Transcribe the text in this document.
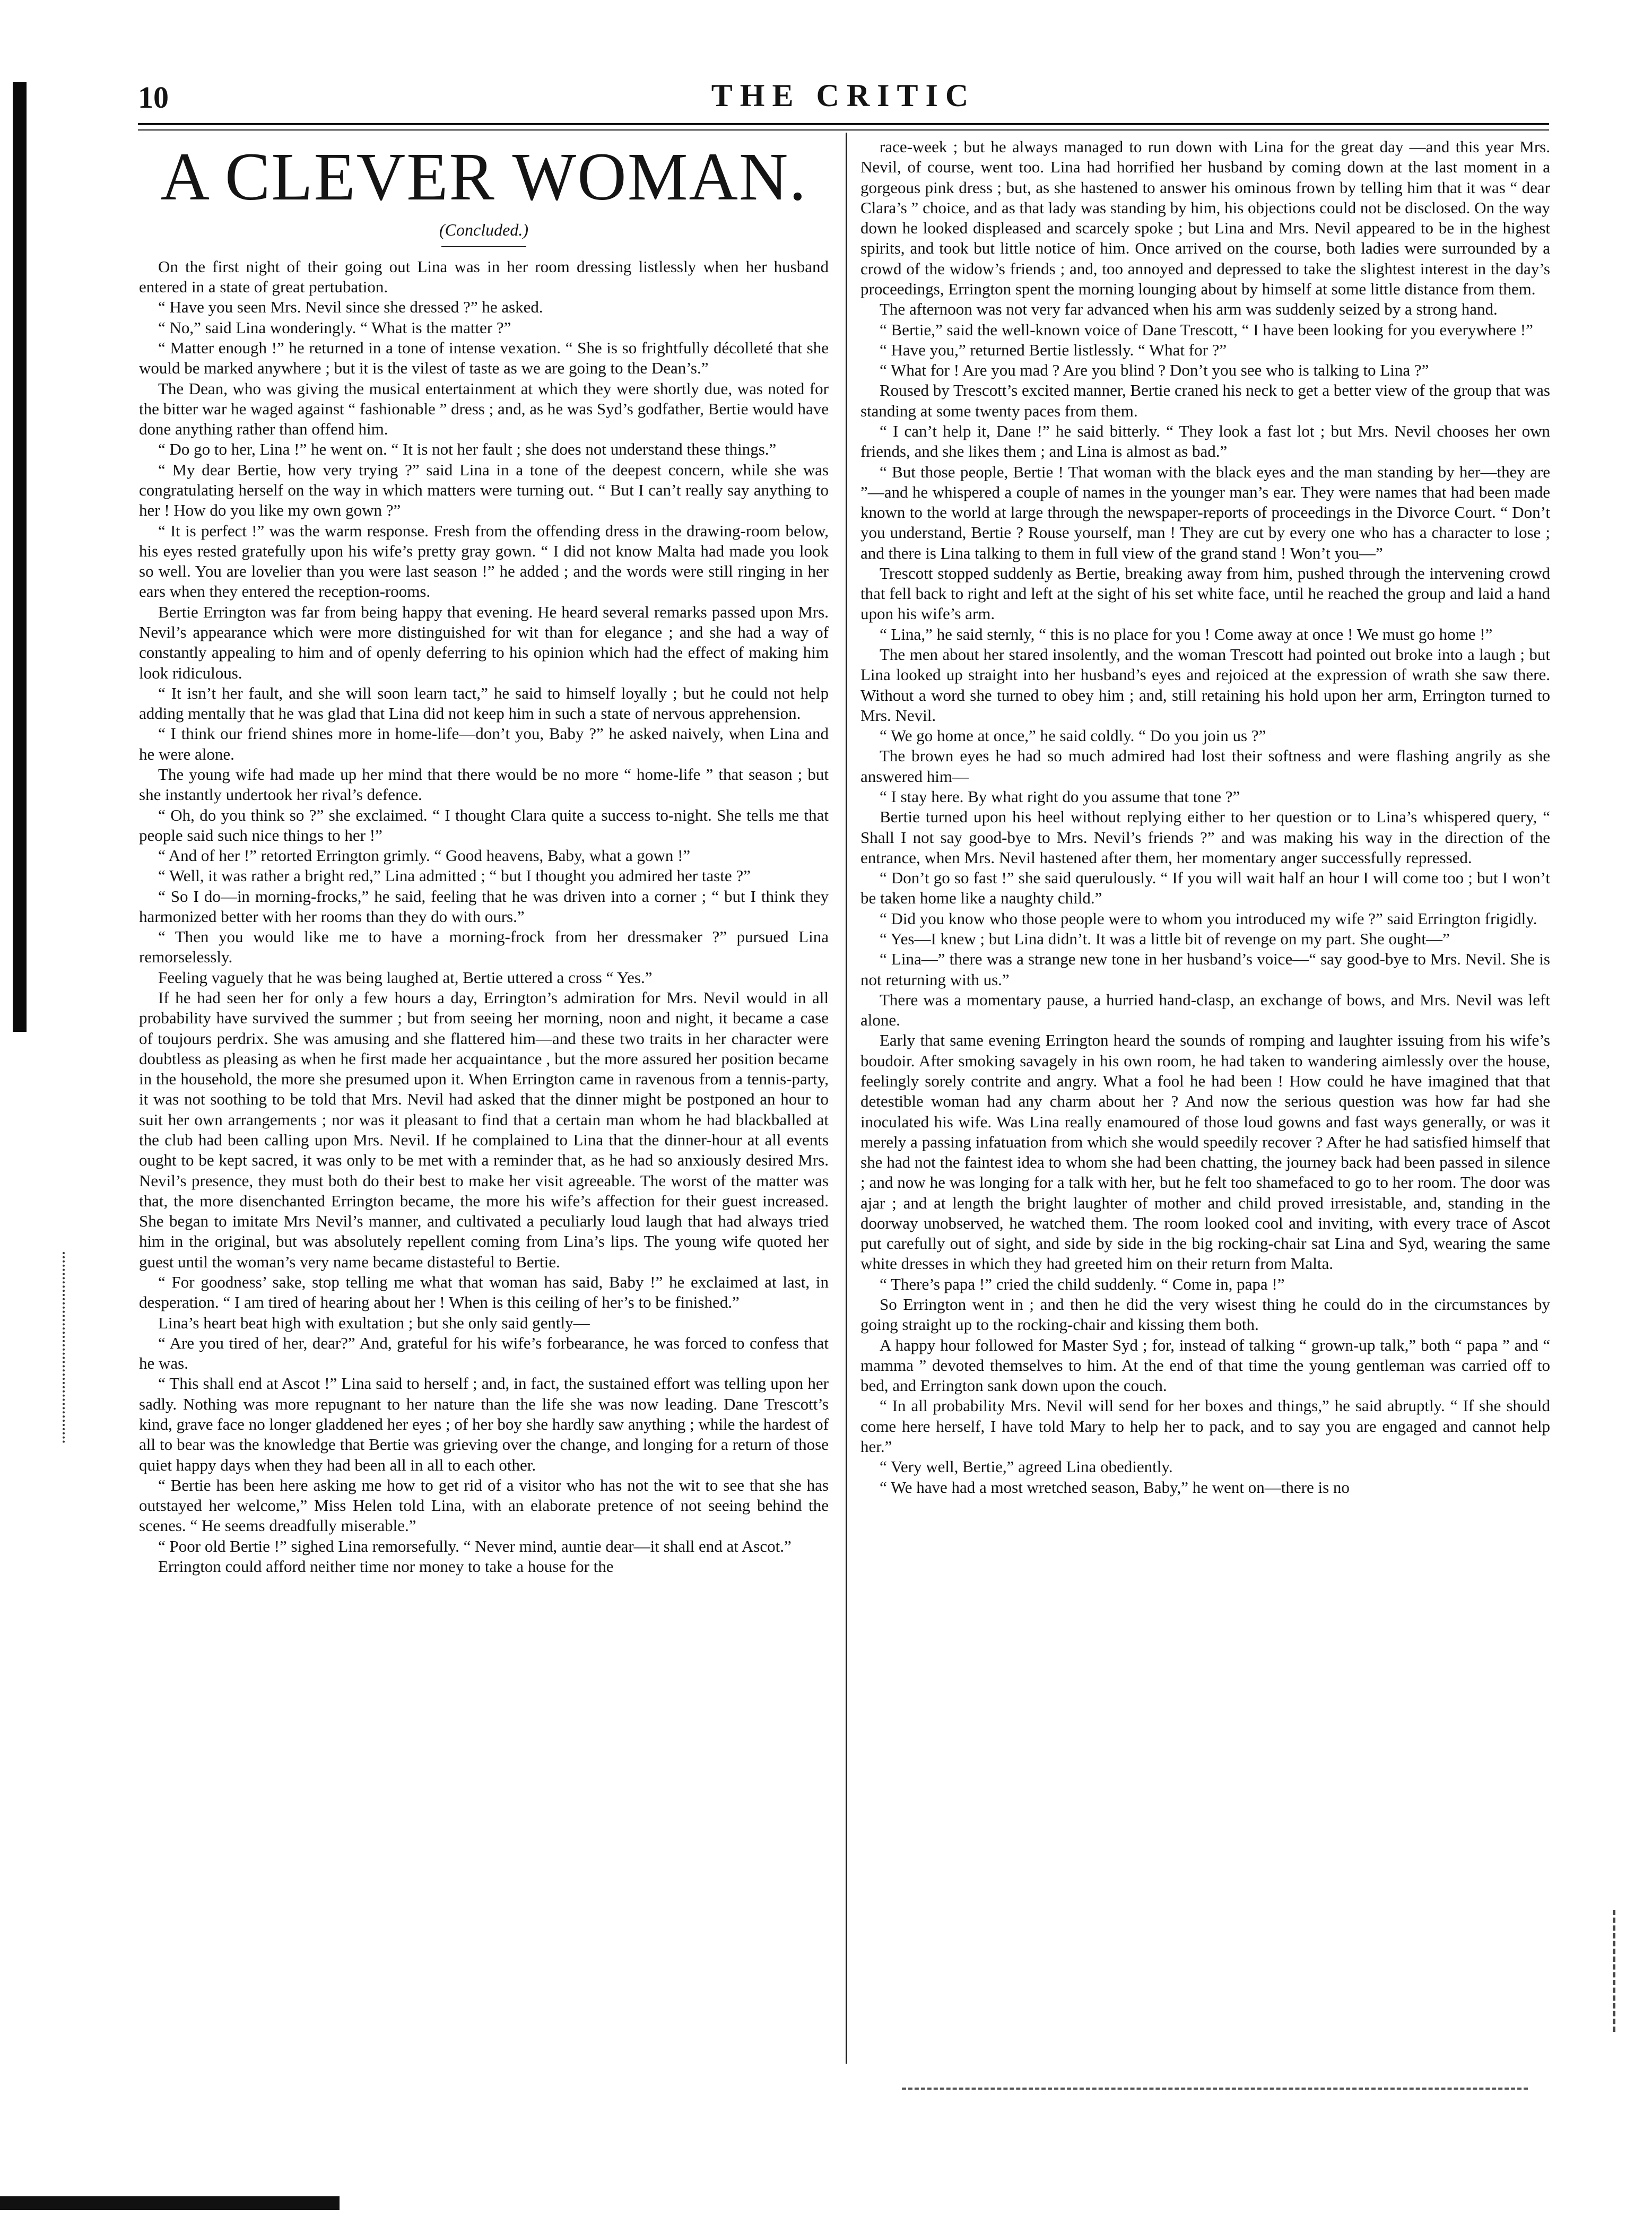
10	THE CRITIC
A CLEVER WOMAN.
(Concluded.)

On the first night of their going out Lina was in her room dressing listlessly when her husband entered in a state of great pertubation.

“ Have you seen Mrs. Nevil since she dressed ?” he asked.

“ No,” said Lina wonderingly. “ What is the matter ?”

“ Matter enough !” he returned in a tone of intense vexation. “ She is so frightfully décolleté that she would be marked anywhere ; but it is the vilest of taste as we are going to the Dean’s.”

The Dean, who was giving the musical entertainment at which they were shortly due, was noted for the bitter war he waged against “ fashionable ” dress ; and, as he was Syd’s godfather, Bertie would have done anything rather than offend him.

“ Do go to her, Lina !” he went on. “ It is not her fault ; she does not understand these things.”

“ My dear Bertie, how very trying ?” said Lina in a tone of the deepest concern, while she was congratulating herself on the way in which matters were turning out. “ But I can’t really say anything to her ! How do you like my own gown ?”

“ It is perfect !” was the warm response. Fresh from the offending dress in the drawing-room below, his eyes rested gratefully upon his wife’s pretty gray gown. “ I did not know Malta had made you look so well. You are lovelier than you were last season !” he added ; and the words were still ringing in her ears when they entered the reception-rooms.

Bertie Errington was far from being happy that evening. He heard several remarks passed upon Mrs. Nevil’s appearance which were more distinguished for wit than for elegance ; and she had a way of constantly appealing to him and of openly deferring to his opinion which had the effect of making him look ridiculous.

“ It isn’t her fault, and she will soon learn tact,” he said to himself loyally ; but he could not help adding mentally that he was glad that Lina did not keep him in such a state of nervous apprehension.

“ I think our friend shines more in home-life—don’t you, Baby ?” he asked naively, when Lina and he were alone.

The young wife had made up her mind that there would be no more “ home-life ” that season ; but she instantly undertook her rival’s defence.

“ Oh, do you think so ?” she exclaimed. “ I thought Clara quite a success to-night. She tells me that people said such nice things to her !”

“ And of her !” retorted Errington grimly. “ Good heavens, Baby, what a gown !”

“ Well, it was rather a bright red,” Lina admitted ; “ but I thought you admired her taste ?”

“ So I do—in morning-frocks,” he said, feeling that he was driven into a corner ; “ but I think they harmonized better with her rooms than they do with ours.”

“ Then you would like me to have a morning-frock from her dressmaker ?” pursued Lina remorselessly.

Feeling vaguely that he was being laughed at, Bertie uttered a cross “ Yes.”

If he had seen her for only a few hours a day, Errington’s admiration for Mrs. Nevil would in all probability have survived the summer ; but from seeing her morning, noon and night, it became a case of toujours perdrix. She was amusing and she flattered him—and these two traits in her character were doubtless as pleasing as when he first made her acquaintance , but the more assured her position became in the household, the more she presumed upon it. When Errington came in ravenous from a tennis-party, it was not soothing to be told that Mrs. Nevil had asked that the dinner might be postponed an hour to suit her own arrangements ; nor was it pleasant to find that a certain man whom he had blackballed at the club had been calling upon Mrs. Nevil. If he complained to Lina that the dinner-hour at all events ought to be kept sacred, it was only to be met with a reminder that, as he had so anxiously desired Mrs. Nevil’s presence, they must both do their best to make her visit agreeable. The worst of the matter was that, the more disenchanted Errington became, the more his wife’s affection for their guest increased. She began to imitate Mrs Nevil’s manner, and cultivated a peculiarly loud laugh that had always tried him in the original, but was absolutely repellent coming from Lina’s lips. The young wife quoted her guest until the woman’s very name became distasteful to Bertie.

“ For goodness’ sake, stop telling me what that woman has said, Baby !” he exclaimed at last, in desperation. “ I am tired of hearing about her ! When is this ceiling of her’s to be finished.”

Lina’s heart beat high with exultation ; but she only said gently—

“ Are you tired of her, dear?” And, grateful for his wife’s forbearance, he was forced to confess that he was.

“ This shall end at Ascot !” Lina said to herself ; and, in fact, the sustained effort was telling upon her sadly. Nothing was more repugnant to her nature than the life she was now leading. Dane Trescott’s kind, grave face no longer gladdened her eyes ; of her boy she hardly saw anything ; while the hardest of all to bear was the knowledge that Bertie was grieving over the change, and longing for a return of those quiet happy days when they had been all in all to each other.

“ Bertie has been here asking me how to get rid of a visitor who has not the wit to see that she has outstayed her welcome,” Miss Helen told Lina, with an elaborate pretence of not seeing behind the scenes. “ He seems dreadfully miserable.”

“ Poor old Bertie !” sighed Lina remorsefully. “ Never mind, auntie dear—it shall end at Ascot.”

Errington could afford neither time nor money to take a house for the

race-week ; but he always managed to run down with Lina for the great day —and this year Mrs. Nevil, of course, went too. Lina had horrified her husband by coming down at the last moment in a gorgeous pink dress ; but, as she hastened to answer his ominous frown by telling him that it was “ dear Clara’s ” choice, and as that lady was standing by him, his objections could not be disclosed. On the way down he looked displeased and scarcely spoke ; but Lina and Mrs. Nevil appeared to be in the highest spirits, and took but little notice of him. Once arrived on the course, both ladies were surrounded by a crowd of the widow’s friends ; and, too annoyed and depressed to take the slightest interest in the day’s proceedings, Errington spent the morning lounging about by himself at some little distance from them.

The afternoon was not very far advanced when his arm was suddenly seized by a strong hand.

“ Bertie,” said the well-known voice of Dane Trescott, “ I have been looking for you everywhere !”

“ Have you,” returned Bertie listlessly. “ What for ?”

“ What for ! Are you mad ? Are you blind ? Don’t you see who is talking to Lina ?”

Roused by Trescott’s excited manner, Bertie craned his neck to get a better view of the group that was standing at some twenty paces from them.

“ I can’t help it, Dane !” he said bitterly. “ They look a fast lot ; but Mrs. Nevil chooses her own friends, and she likes them ; and Lina is almost as bad.”

“ But those people, Bertie ! That woman with the black eyes and the man standing by her—they are ”—and he whispered a couple of names in the younger man’s ear. They were names that had been made known to the world at large through the newspaper-reports of proceedings in the Divorce Court. “ Don’t you understand, Bertie ? Rouse yourself, man ! They are cut by every one who has a character to lose ; and there is Lina talking to them in full view of the grand stand ! Won’t you—”

Trescott stopped suddenly as Bertie, breaking away from him, pushed through the intervening crowd that fell back to right and left at the sight of his set white face, until he reached the group and laid a hand upon his wife’s arm.

“ Lina,” he said sternly, “ this is no place for you ! Come away at once ! We must go home !”

The men about her stared insolently, and the woman Trescott had pointed out broke into a laugh ; but Lina looked up straight into her husband’s eyes and rejoiced at the expression of wrath she saw there. Without a word she turned to obey him ; and, still retaining his hold upon her arm, Errington turned to Mrs. Nevil.

“ We go home at once,” he said coldly. “ Do you join us ?”

The brown eyes he had so much admired had lost their softness and were flashing angrily as she answered him—

“ I stay here. By what right do you assume that tone ?”

Bertie turned upon his heel without replying either to her question or to Lina’s whispered query, “ Shall I not say good-bye to Mrs. Nevil’s friends ?” and was making his way in the direction of the entrance, when Mrs. Nevil hastened after them, her momentary anger successfully repressed.

“ Don’t go so fast !” she said querulously. “ If you will wait half an hour I will come too ; but I won’t be taken home like a naughty child.”

“ Did you know who those people were to whom you introduced my wife ?” said Errington frigidly.

“ Yes—I knew ; but Lina didn’t. It was a little bit of revenge on my part. She ought—”

“ Lina—” there was a strange new tone in her husband’s voice—“ say good-bye to Mrs. Nevil. She is not returning with us.”

There was a momentary pause, a hurried hand-clasp, an exchange of bows, and Mrs. Nevil was left alone.

Early that same evening Errington heard the sounds of romping and laughter issuing from his wife’s boudoir. After smoking savagely in his own room, he had taken to wandering aimlessly over the house, feelingly sorely contrite and angry. What a fool he had been ! How could he have imagined that that detestible woman had any charm about her ? And now the serious question was how far had she inoculated his wife. Was Lina really enamoured of those loud gowns and fast ways generally, or was it merely a passing infatuation from which she would speedily recover ? After he had satisfied himself that she had not the faintest idea to whom she had been chatting, the journey back had been passed in silence ; and now he was longing for a talk with her, but he felt too shamefaced to go to her room. The door was ajar ; and at length the bright laughter of mother and child proved irresistable, and, standing in the doorway unobserved, he watched them. The room looked cool and inviting, with every trace of Ascot put carefully out of sight, and side by side in the big rocking-chair sat Lina and Syd, wearing the same white dresses in which they had greeted him on their return from Malta.

“ There’s papa !” cried the child suddenly. “ Come in, papa !”

So Errington went in ; and then he did the very wisest thing he could do in the circumstances by going straight up to the rocking-chair and kissing them both.

A happy hour followed for Master Syd ; for, instead of talking “ grown-up talk,” both “ papa ” and “ mamma ” devoted themselves to him. At the end of that time the young gentleman was carried off to bed, and Errington sank down upon the couch.

“ In all probability Mrs. Nevil will send for her boxes and things,” he said abruptly. “ If she should come here herself, I have told Mary to help her to pack, and to say you are engaged and cannot help her.”

“ Very well, Bertie,” agreed Lina obediently.

“ We have had a most wretched season, Baby,” he went on—there is no
